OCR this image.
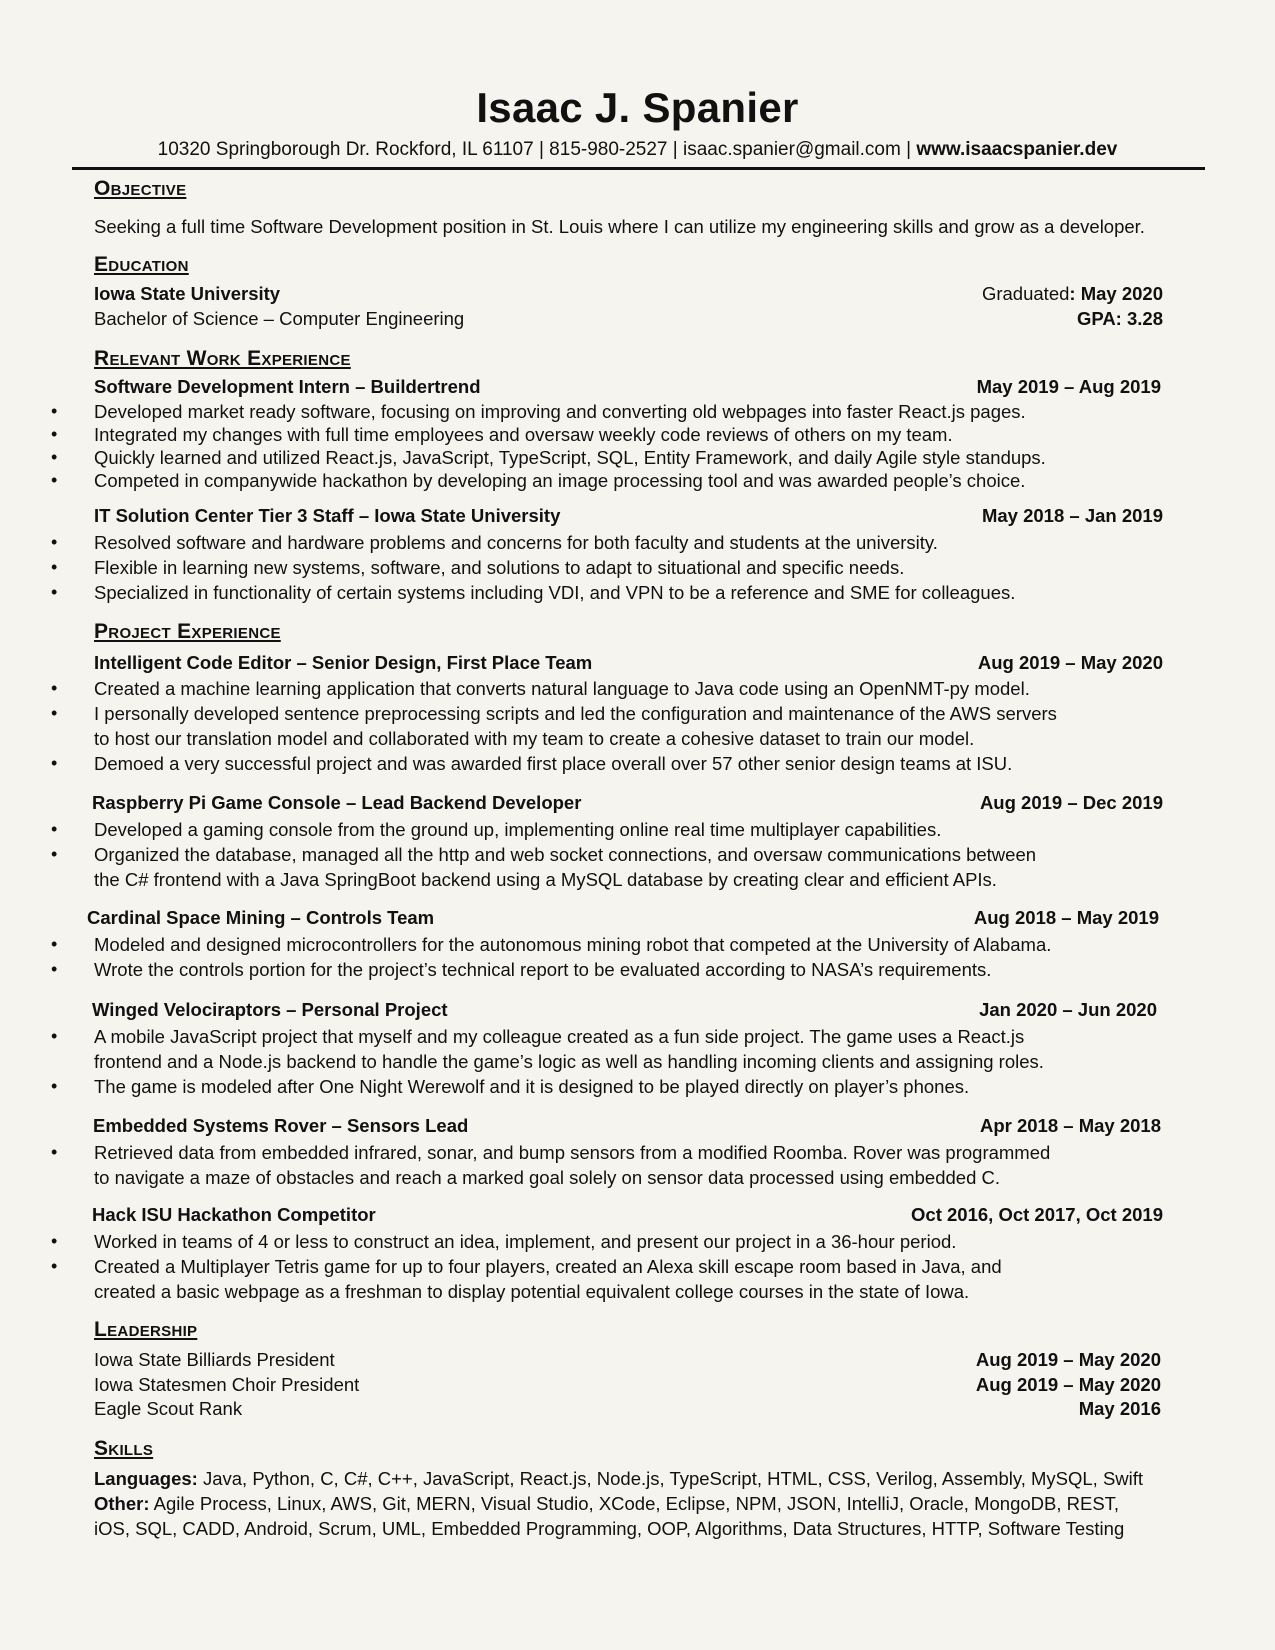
Isaac J. Spanier
10320 Springborough Dr. Rockford, IL 61107 | 815-980-2527 | isaac.spanier@gmail.com | www.isaacspanier.dev
Objective
Seeking a full time Software Development position in St. Louis where I can utilize my engineering skills and grow as a developer.
Education
Iowa State University	Graduated: May 2020
Bachelor of Science – Computer Engineering	GPA: 3.28
Relevant Work Experience
Software Development Intern – Buildertrend	May 2019 – Aug 2019
• Developed market ready software, focusing on improving and converting old webpages into faster React.js pages.
• Integrated my changes with full time employees and oversaw weekly code reviews of others on my team.
• Quickly learned and utilized React.js, JavaScript, TypeScript, SQL, Entity Framework, and daily Agile style standups.
• Competed in companywide hackathon by developing an image processing tool and was awarded people’s choice.
IT Solution Center Tier 3 Staff – Iowa State University	May 2018 – Jan 2019
• Resolved software and hardware problems and concerns for both faculty and students at the university.
• Flexible in learning new systems, software, and solutions to adapt to situational and specific needs.
• Specialized in functionality of certain systems including VDI, and VPN to be a reference and SME for colleagues.
Project Experience
Intelligent Code Editor – Senior Design, First Place Team	Aug 2019 – May 2020
• Created a machine learning application that converts natural language to Java code using an OpenNMT-py model.
• I personally developed sentence preprocessing scripts and led the configuration and maintenance of the AWS servers to host our translation model and collaborated with my team to create a cohesive dataset to train our model.
• Demoed a very successful project and was awarded first place overall over 57 other senior design teams at ISU.
Raspberry Pi Game Console – Lead Backend Developer	Aug 2019 – Dec 2019
• Developed a gaming console from the ground up, implementing online real time multiplayer capabilities.
• Organized the database, managed all the http and web socket connections, and oversaw communications between the C# frontend with a Java SpringBoot backend using a MySQL database by creating clear and efficient APIs.
Cardinal Space Mining – Controls Team	Aug 2018 – May 2019
• Modeled and designed microcontrollers for the autonomous mining robot that competed at the University of Alabama.
• Wrote the controls portion for the project’s technical report to be evaluated according to NASA’s requirements.
Winged Velociraptors – Personal Project	Jan 2020 – Jun 2020
• A mobile JavaScript project that myself and my colleague created as a fun side project. The game uses a React.js frontend and a Node.js backend to handle the game’s logic as well as handling incoming clients and assigning roles.
• The game is modeled after One Night Werewolf and it is designed to be played directly on player’s phones.
Embedded Systems Rover – Sensors Lead	Apr 2018 – May 2018
• Retrieved data from embedded infrared, sonar, and bump sensors from a modified Roomba. Rover was programmed to navigate a maze of obstacles and reach a marked goal solely on sensor data processed using embedded C.
Hack ISU Hackathon Competitor	Oct 2016, Oct 2017, Oct 2019
• Worked in teams of 4 or less to construct an idea, implement, and present our project in a 36-hour period.
• Created a Multiplayer Tetris game for up to four players, created an Alexa skill escape room based in Java, and created a basic webpage as a freshman to display potential equivalent college courses in the state of Iowa.
Leadership
Iowa State Billiards President	Aug 2019 – May 2020
Iowa Statesmen Choir President	Aug 2019 – May 2020
Eagle Scout Rank	May 2016
Skills
Languages: Java, Python, C, C#, C++, JavaScript, React.js, Node.js, TypeScript, HTML, CSS, Verilog, Assembly, MySQL, Swift
Other: Agile Process, Linux, AWS, Git, MERN, Visual Studio, XCode, Eclipse, NPM, JSON, IntelliJ, Oracle, MongoDB, REST, iOS, SQL, CADD, Android, Scrum, UML, Embedded Programming, OOP, Algorithms, Data Structures, HTTP, Software Testing
